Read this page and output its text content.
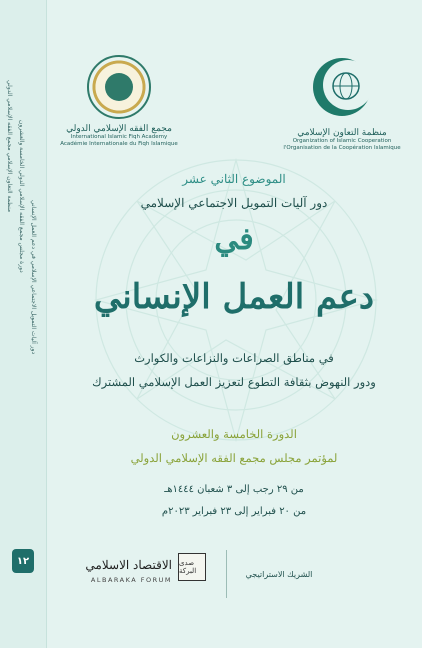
منظمة التعاون الإسلامي مجمع الفقه الإسلامي الدولي دورة مجلس مجمع الفقه الإسلامي الدولي الخامسة والعشرون
دور آليات التمويل الاجتماعي الإسلامي في دعم العمل الإنساني
١٢
مجمع الفقه الإسلامي الدولي
International Islamic Fiqh Academy
Académie Internationale du Fiqh Islamique
منظمة التعاون الإسلامي
Organization of Islamic Cooperation
l'Organisation de la Coopération Islamique
الموضوع الثاني عشر
دور آليات التمويل الاجتماعي الإسلامي
في
دعم العمل الإنساني
في مناطق الصراعات والنزاعات والكوارث
ودور النهوض بثقافة التطوع لتعزيز العمل الإسلامي المشترك
الدورة الخامسة والعشرون
لمؤتمر مجلس مجمع الفقه الإسلامي الدولي
من ٢٩ رجب إلى ٣ شعبان ١٤٤٤هـ
من ٢٠ فبراير إلى ٢٣ فبراير ٢٠٢٣م
الاقتصاد الاسلامي
ALBARAKA FORUM
صدى البركة	الشريك الاستراتيجي
